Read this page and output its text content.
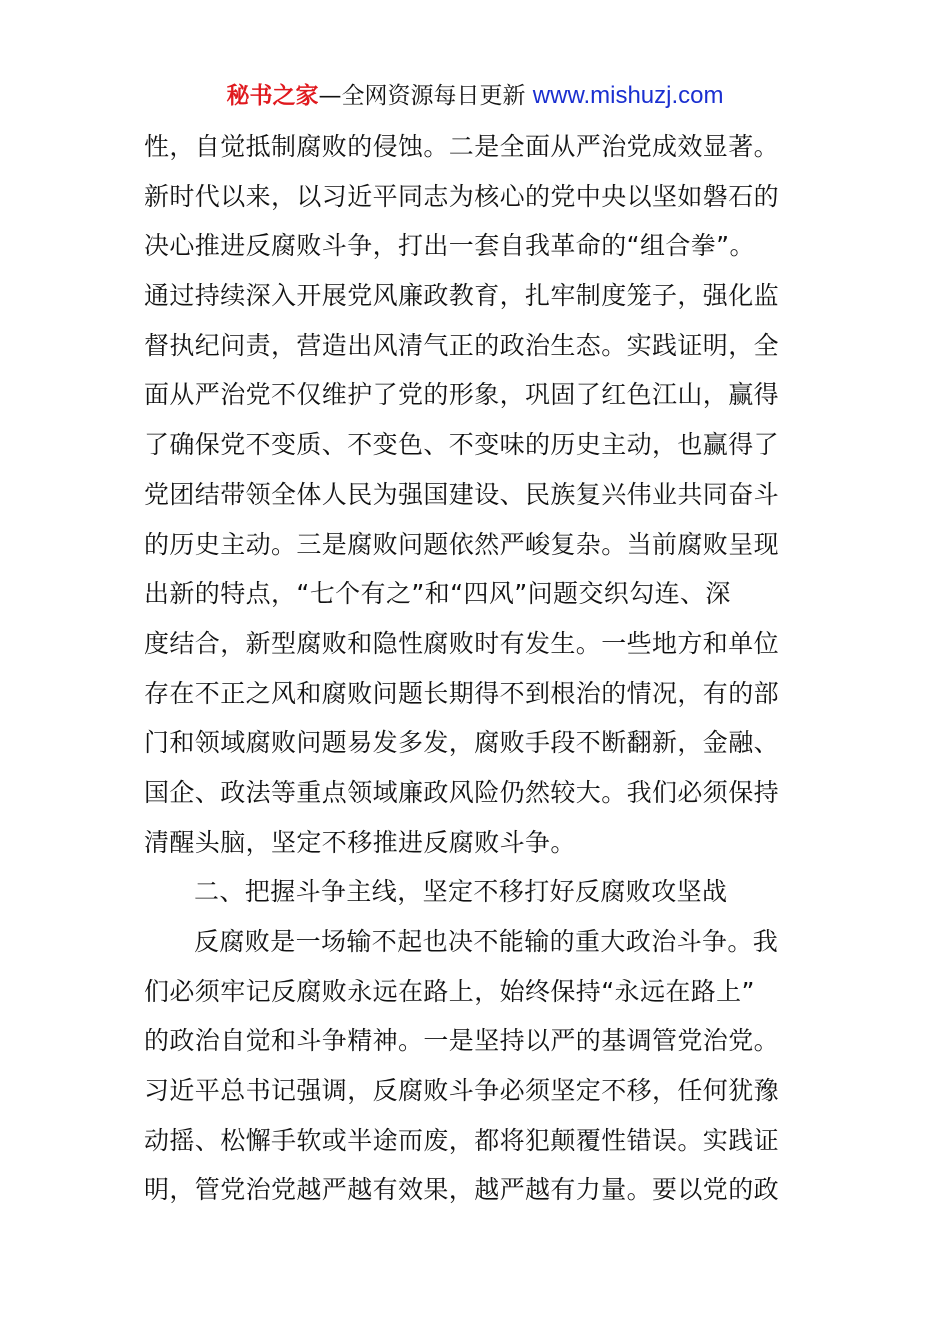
秘书之家—全网资源每日更新 www.mishuzj.com
性，自觉抵制腐败的侵蚀。二是全面从严治党成效显著。
新时代以来，以习近平同志为核心的党中央以坚如磐石的
决心推进反腐败斗争，打出一套自我革命的“组合拳”。
通过持续深入开展党风廉政教育，扎牢制度笼子，强化监
督执纪问责，营造出风清气正的政治生态。实践证明，全
面从严治党不仅维护了党的形象，巩固了红色江山，赢得
了确保党不变质、不变色、不变味的历史主动，也赢得了
党团结带领全体人民为强国建设、民族复兴伟业共同奋斗
的历史主动。三是腐败问题依然严峻复杂。当前腐败呈现
出新的特点，“七个有之”和“四风”问题交织勾连、深
度结合，新型腐败和隐性腐败时有发生。一些地方和单位
存在不正之风和腐败问题长期得不到根治的情况，有的部
门和领域腐败问题易发多发，腐败手段不断翻新，金融、
国企、政法等重点领域廉政风险仍然较大。我们必须保持
清醒头脑，坚定不移推进反腐败斗争。
二、把握斗争主线，坚定不移打好反腐败攻坚战
反腐败是一场输不起也决不能输的重大政治斗争。我
们必须牢记反腐败永远在路上，始终保持“永远在路上”
的政治自觉和斗争精神。一是坚持以严的基调管党治党。
习近平总书记强调，反腐败斗争必须坚定不移，任何犹豫
动摇、松懈手软或半途而废，都将犯颠覆性错误。实践证
明，管党治党越严越有效果，越严越有力量。要以党的政
